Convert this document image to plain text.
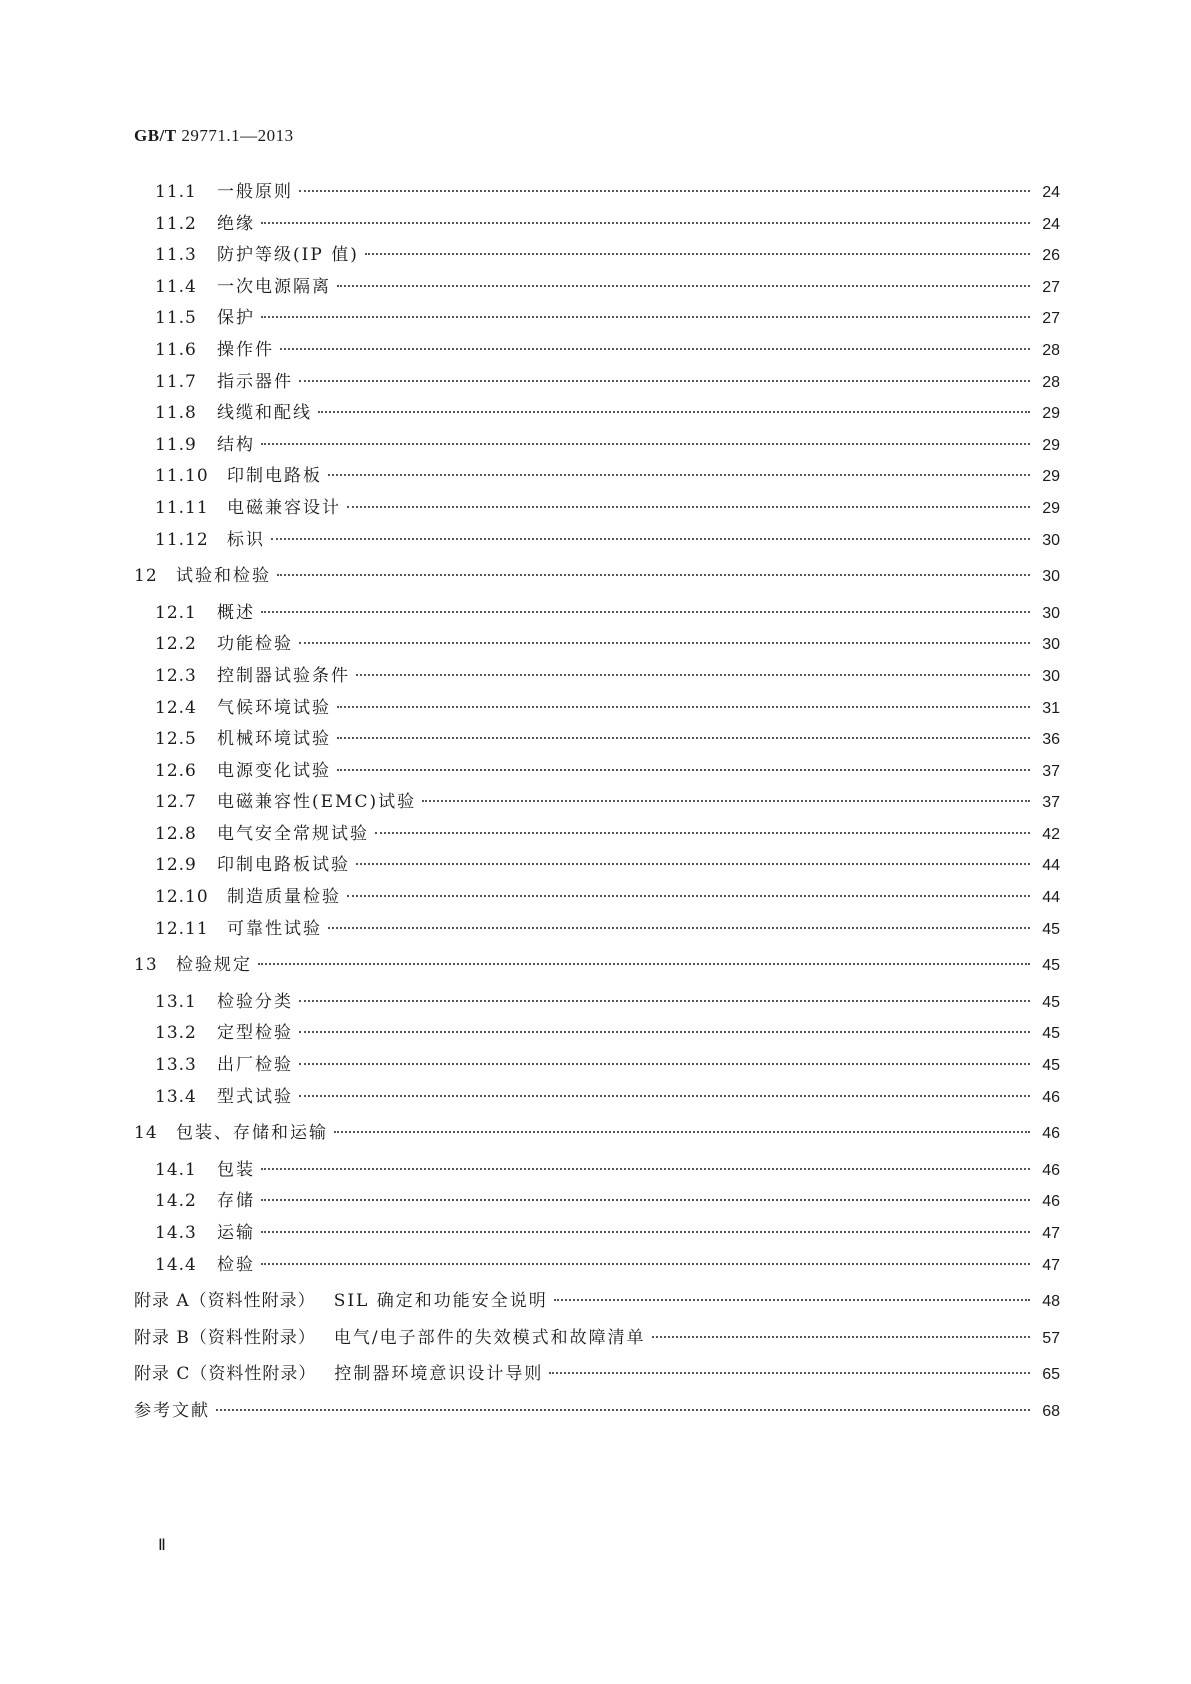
GB/T 29771.1—2013
11.1	一般原则	24
11.2	绝缘	24
11.3	防护等级(IP 值)	26
11.4	一次电源隔离	27
11.5	保护	27
11.6	操作件	28
11.7	指示器件	28
11.8	线缆和配线	29
11.9	结构	29
11.10	印制电路板	29
11.11	电磁兼容设计	29
11.12	标识	30
12	试验和检验	30
12.1	概述	30
12.2	功能检验	30
12.3	控制器试验条件	30
12.4	气候环境试验	31
12.5	机械环境试验	36
12.6	电源变化试验	37
12.7	电磁兼容性(EMC)试验	37
12.8	电气安全常规试验	42
12.9	印制电路板试验	44
12.10	制造质量检验	44
12.11	可靠性试验	45
13	检验规定	45
13.1	检验分类	45
13.2	定型检验	45
13.3	出厂检验	45
13.4	型式试验	46
14	包装、存储和运输	46
14.1	包装	46
14.2	存储	46
14.3	运输	47
14.4	检验	47
附录 A（资料性附录） SIL 确定和功能安全说明	48
附录 B（资料性附录） 电气/电子部件的失效模式和故障清单	57
附录 C（资料性附录） 控制器环境意识设计导则	65
参考文献	68
Ⅱ
